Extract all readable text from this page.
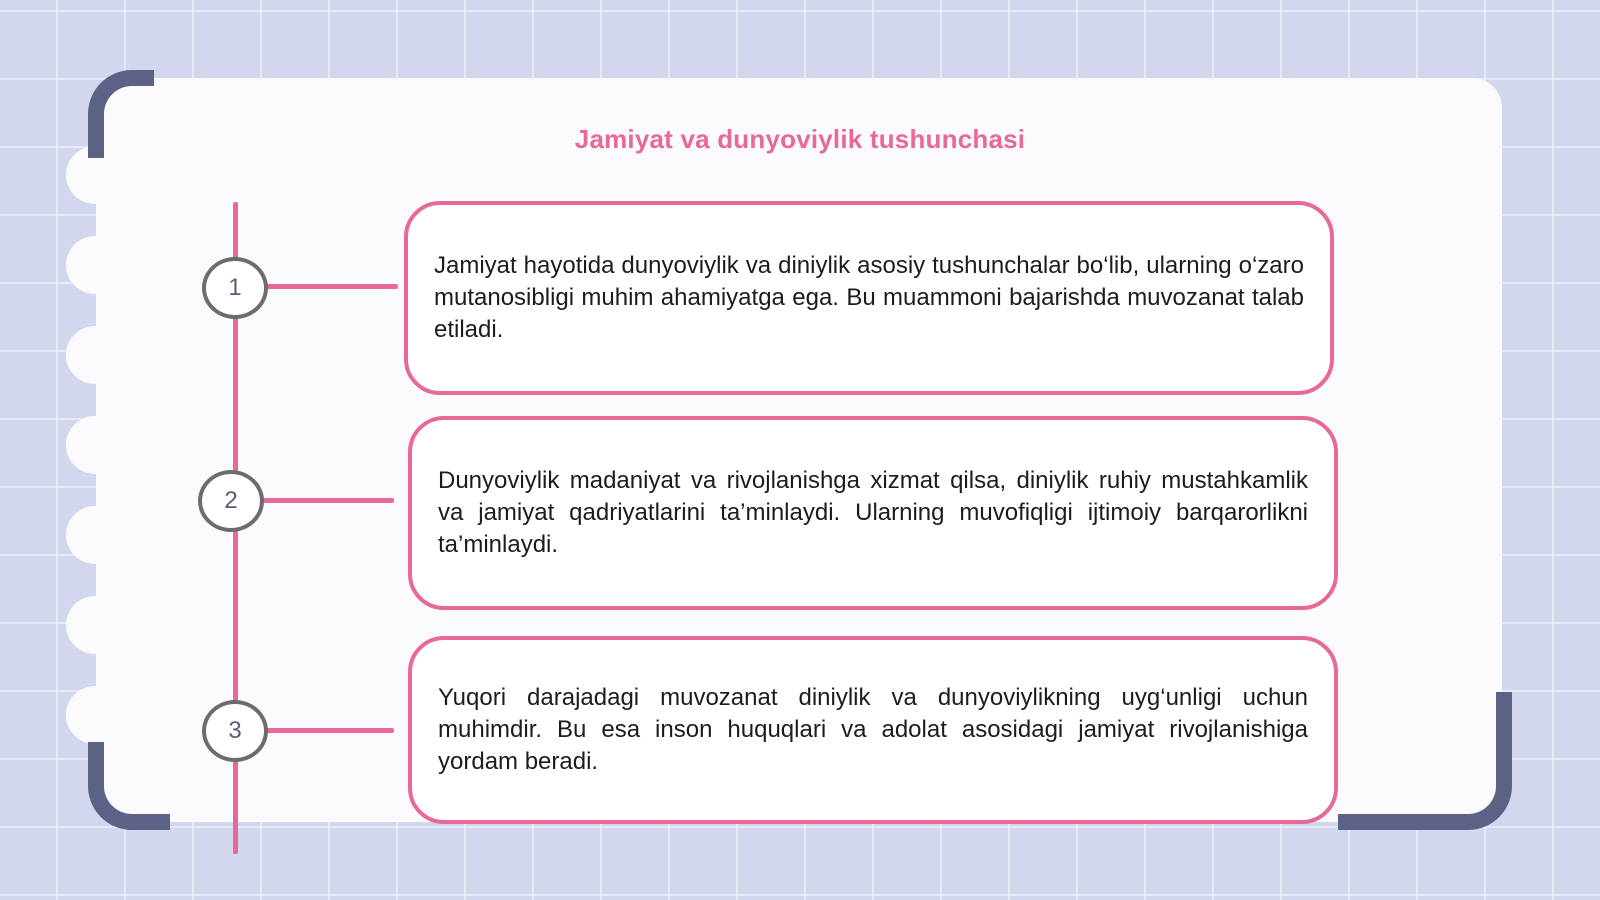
Jamiyat va dunyoviylik tushunchasi
1
2
3

Jamiyat hayotida dunyoviylik va diniylik asosiy tushunchalar bo‘lib, ularning o‘zaro mutanosibligi muhim ahamiyatga ega. Bu muammoni bajarishda muvozanat talab etiladi.

Dunyoviylik madaniyat va rivojlanishga xizmat qilsa, diniylik ruhiy mustahkamlik va jamiyat qadriyatlarini ta’minlaydi. Ularning muvofiqligi ijtimoiy barqarorlikni ta’minlaydi.

Yuqori darajadagi muvozanat diniylik va dunyoviylikning uyg‘unligi uchun muhimdir. Bu esa inson huquqlari va adolat asosidagi jamiyat rivojlanishiga yordam beradi.
